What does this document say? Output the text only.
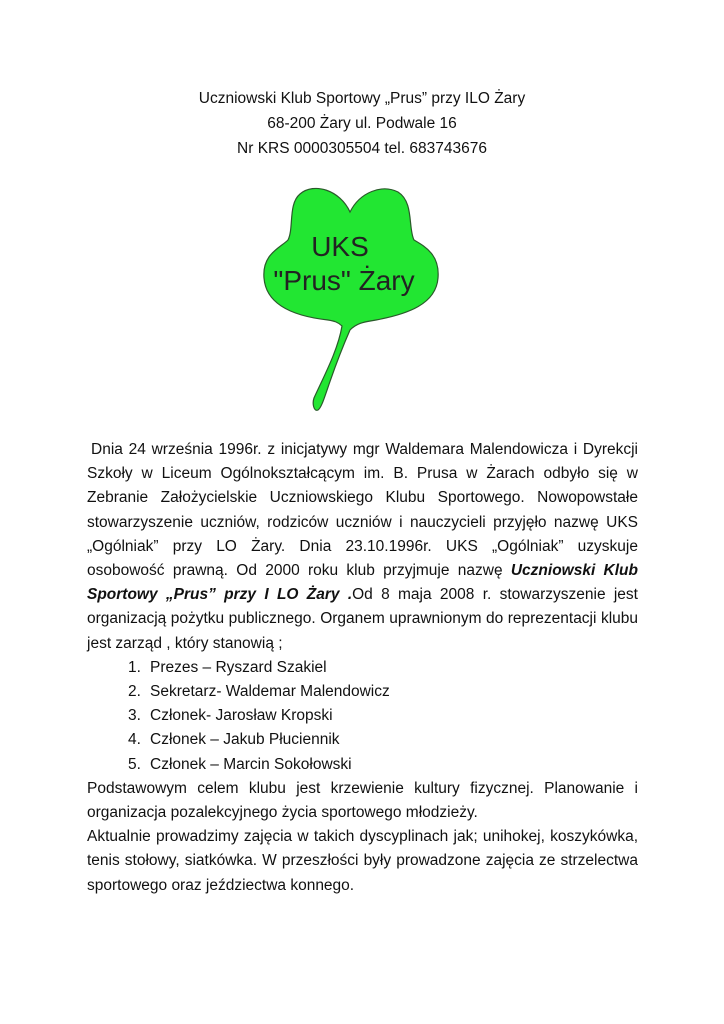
Uczniowski Klub Sportowy „Prus” przy ILO Żary
68-200 Żary ul. Podwale 16
Nr KRS 0000305504 tel. 683743676
UKS
"Prus" Żary

Dnia 24 września 1996r. z inicjatywy mgr Waldemara Malendowicza i Dyrekcji Szkoły w Liceum Ogólnokształcącym im. B. Prusa w Żarach odbyło się w Zebranie Założycielskie Uczniowskiego Klubu Sportowego. Nowopowstałe stowarzyszenie uczniów, rodziców uczniów i nauczycieli przyjęło nazwę UKS „Ogólniak” przy LO Żary. Dnia 23.10.1996r. UKS „Ogólniak” uzyskuje osobowość prawną. Od 2000 roku klub przyjmuje nazwę Uczniowski Klub Sportowy „Prus” przy I LO Żary .Od 8 maja 2008 r. stowarzyszenie jest organizacją pożytku publicznego. Organem uprawnionym do reprezentacji klubu jest zarząd , który stanowią ;

1. Prezes – Ryszard Szakiel
2. Sekretarz- Waldemar Malendowicz
3. Członek- Jarosław Kropski
4. Członek – Jakub Płuciennik
5. Członek – Marcin Sokołowski

Podstawowym celem klubu jest krzewienie kultury fizycznej. Planowanie i organizacja pozalekcyjnego życia sportowego młodzieży.

Aktualnie prowadzimy zajęcia w takich dyscyplinach jak; unihokej, koszykówka, tenis stołowy, siatkówka. W przeszłości były prowadzone zajęcia ze strzelectwa sportowego oraz jeździectwa konnego.
